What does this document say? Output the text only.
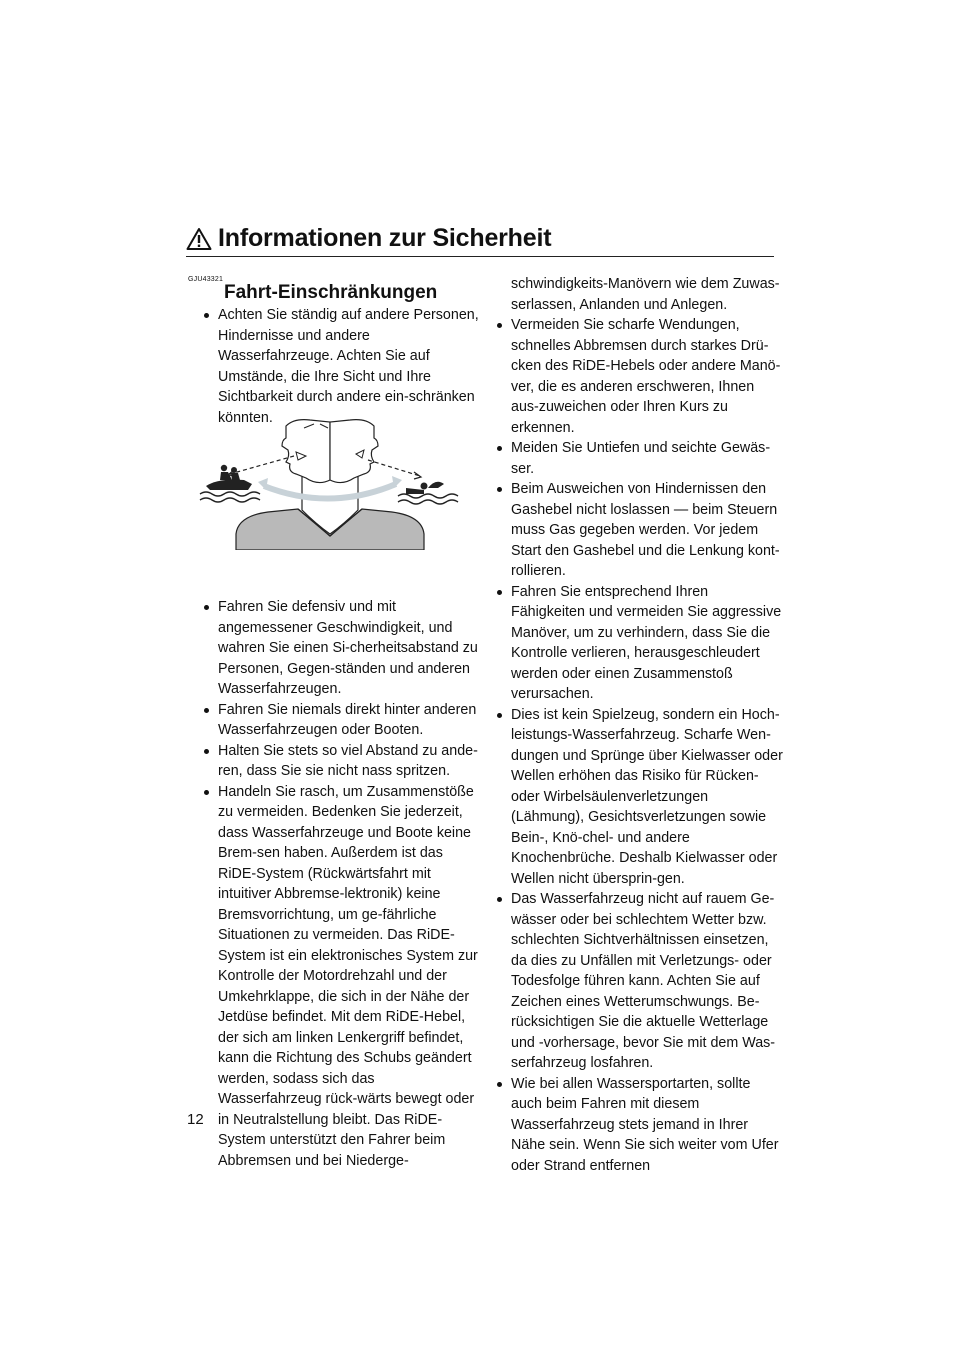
Informationen zur Sicherheit
GJU43321
Fahrt-Einschränkungen
Achten Sie ständig auf andere Personen, Hindernisse und andere Wasserfahrzeuge. Achten Sie auf Umstände, die Ihre Sicht und Ihre Sichtbarkeit durch andere ein-schränken könnten.
Fahren Sie defensiv und mit angemessener Geschwindigkeit, und wahren Sie einen Si-cherheitsabstand zu Personen, Gegen-ständen und anderen Wasserfahrzeugen.
Fahren Sie niemals direkt hinter anderen Wasserfahrzeugen oder Booten.
Halten Sie stets so viel Abstand zu ande-ren, dass Sie sie nicht nass spritzen.
Handeln Sie rasch, um Zusammenstöße zu vermeiden. Bedenken Sie jederzeit, dass Wasserfahrzeuge und Boote keine Brem-sen haben. Außerdem ist das RiDE-System (Rückwärtsfahrt mit intuitiver Abbremse-lektronik) keine Bremsvorrichtung, um ge-fährliche Situationen zu vermeiden. Das RiDE-System ist ein elektronisches System zur Kontrolle der Motordrehzahl und der Umkehrklappe, die sich in der Nähe der Jetdüse befindet. Mit dem RiDE-Hebel, der sich am linken Lenkergriff befindet, kann die Richtung des Schubs geändert werden, sodass sich das Wasserfahrzeug rück-wärts bewegt oder in Neutralstellung bleibt. Das RiDE-System unterstützt den Fahrer beim Abbremsen und bei Niederge-

schwindigkeits-Manövern wie dem Zuwas-serlassen, Anlanden und Anlegen.

Vermeiden Sie scharfe Wendungen, schnelles Abbremsen durch starkes Drü-cken des RiDE-Hebels oder andere Manö-ver, die es anderen erschweren, Ihnen aus-zuweichen oder Ihren Kurs zu erkennen.
Meiden Sie Untiefen und seichte Gewäs-ser.
Beim Ausweichen von Hindernissen den Gashebel nicht loslassen — beim Steuern muss Gas gegeben werden. Vor jedem Start den Gashebel und die Lenkung kont-rollieren.
Fahren Sie entsprechend Ihren Fähigkeiten und vermeiden Sie aggressive Manöver, um zu verhindern, dass Sie die Kontrolle verlieren, herausgeschleudert werden oder einen Zusammenstoß verursachen.
Dies ist kein Spielzeug, sondern ein Hoch-leistungs-Wasserfahrzeug. Scharfe Wen-dungen und Sprünge über Kielwasser oder Wellen erhöhen das Risiko für Rücken- oder Wirbelsäulenverletzungen (Lähmung), Gesichtsverletzungen sowie Bein-, Knö-chel- und andere Knochenbrüche. Deshalb Kielwasser oder Wellen nicht übersprin-gen.
Das Wasserfahrzeug nicht auf rauem Ge-wässer oder bei schlechtem Wetter bzw. schlechten Sichtverhältnissen einsetzen, da dies zu Unfällen mit Verletzungs- oder Todesfolge führen kann. Achten Sie auf Zeichen eines Wetterumschwungs. Be-rücksichtigen Sie die aktuelle Wetterlage und -vorhersage, bevor Sie mit dem Was-serfahrzeug losfahren.
Wie bei allen Wassersportarten, sollte auch beim Fahren mit diesem Wasserfahrzeug stets jemand in Ihrer Nähe sein. Wenn Sie sich weiter vom Ufer oder Strand entfernen
12
